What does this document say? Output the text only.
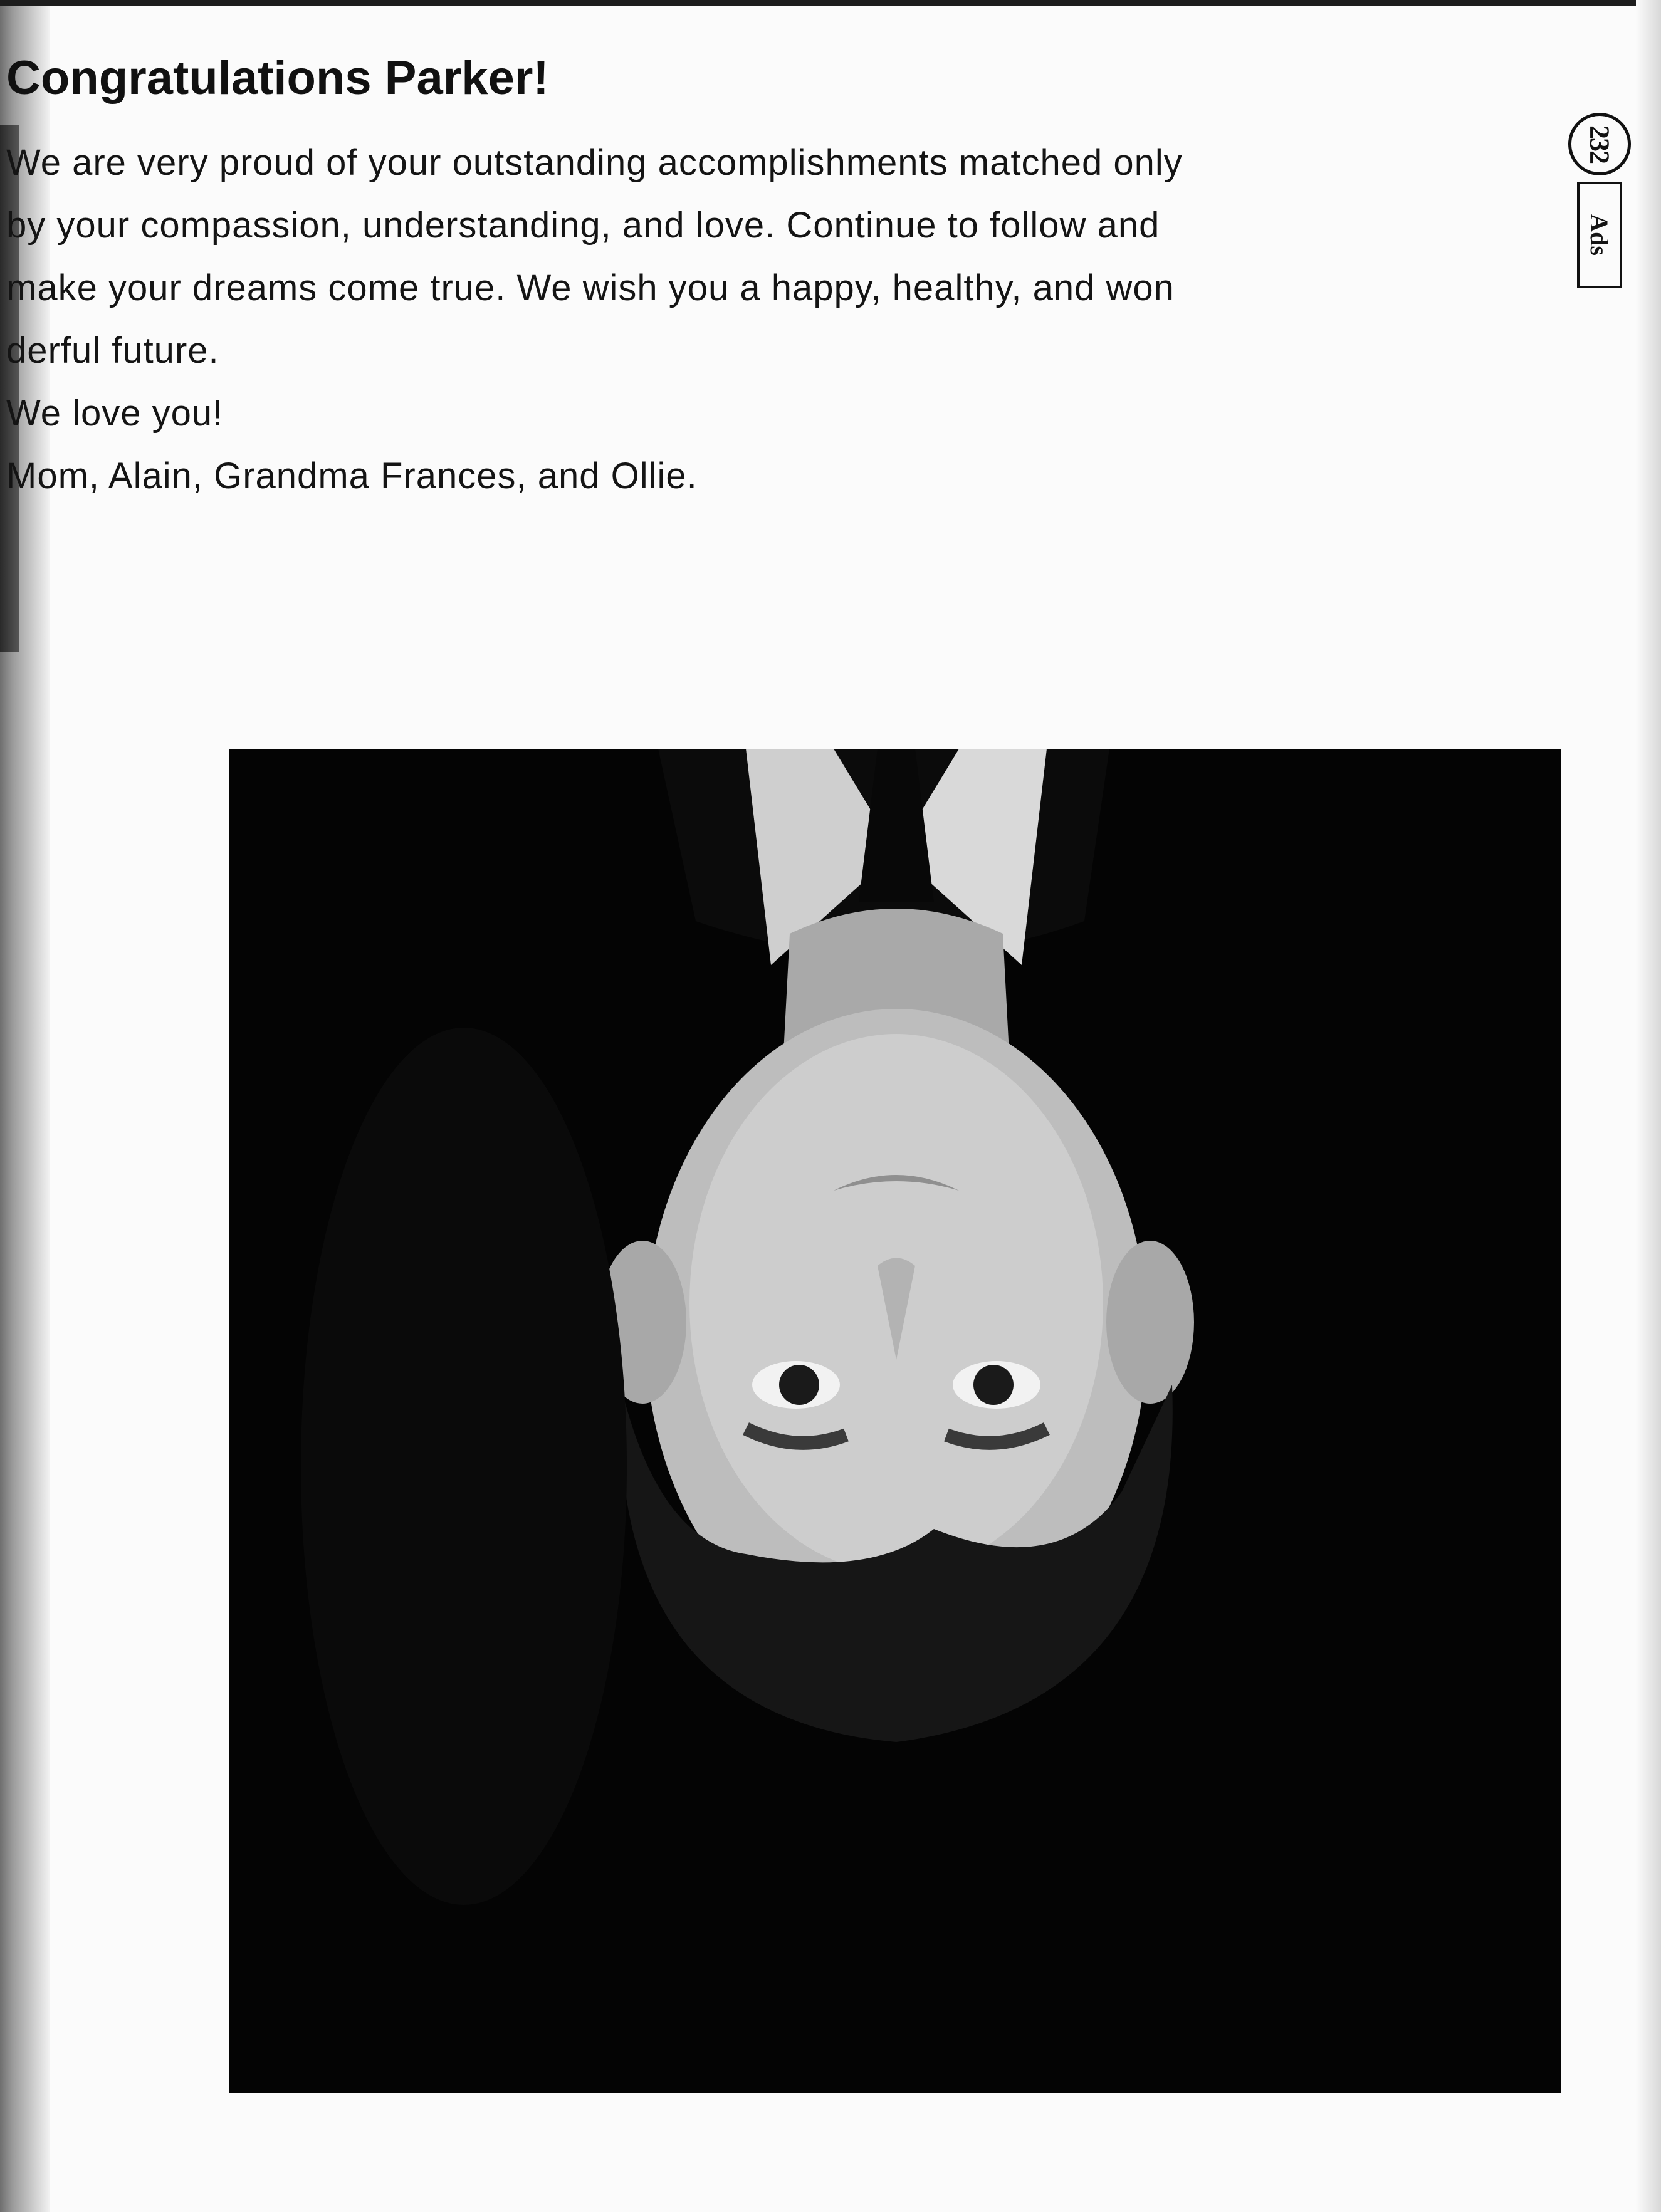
Ads
232
Congratulations Parker!

We are very proud of your outstanding accomplishments matched only

by your compassion, understanding, and love. Continue to follow and

make your dreams come true. We wish you a happy, healthy, and won

derful future.

We love you!

Mom, Alain, Grandma Frances, and Ollie.
